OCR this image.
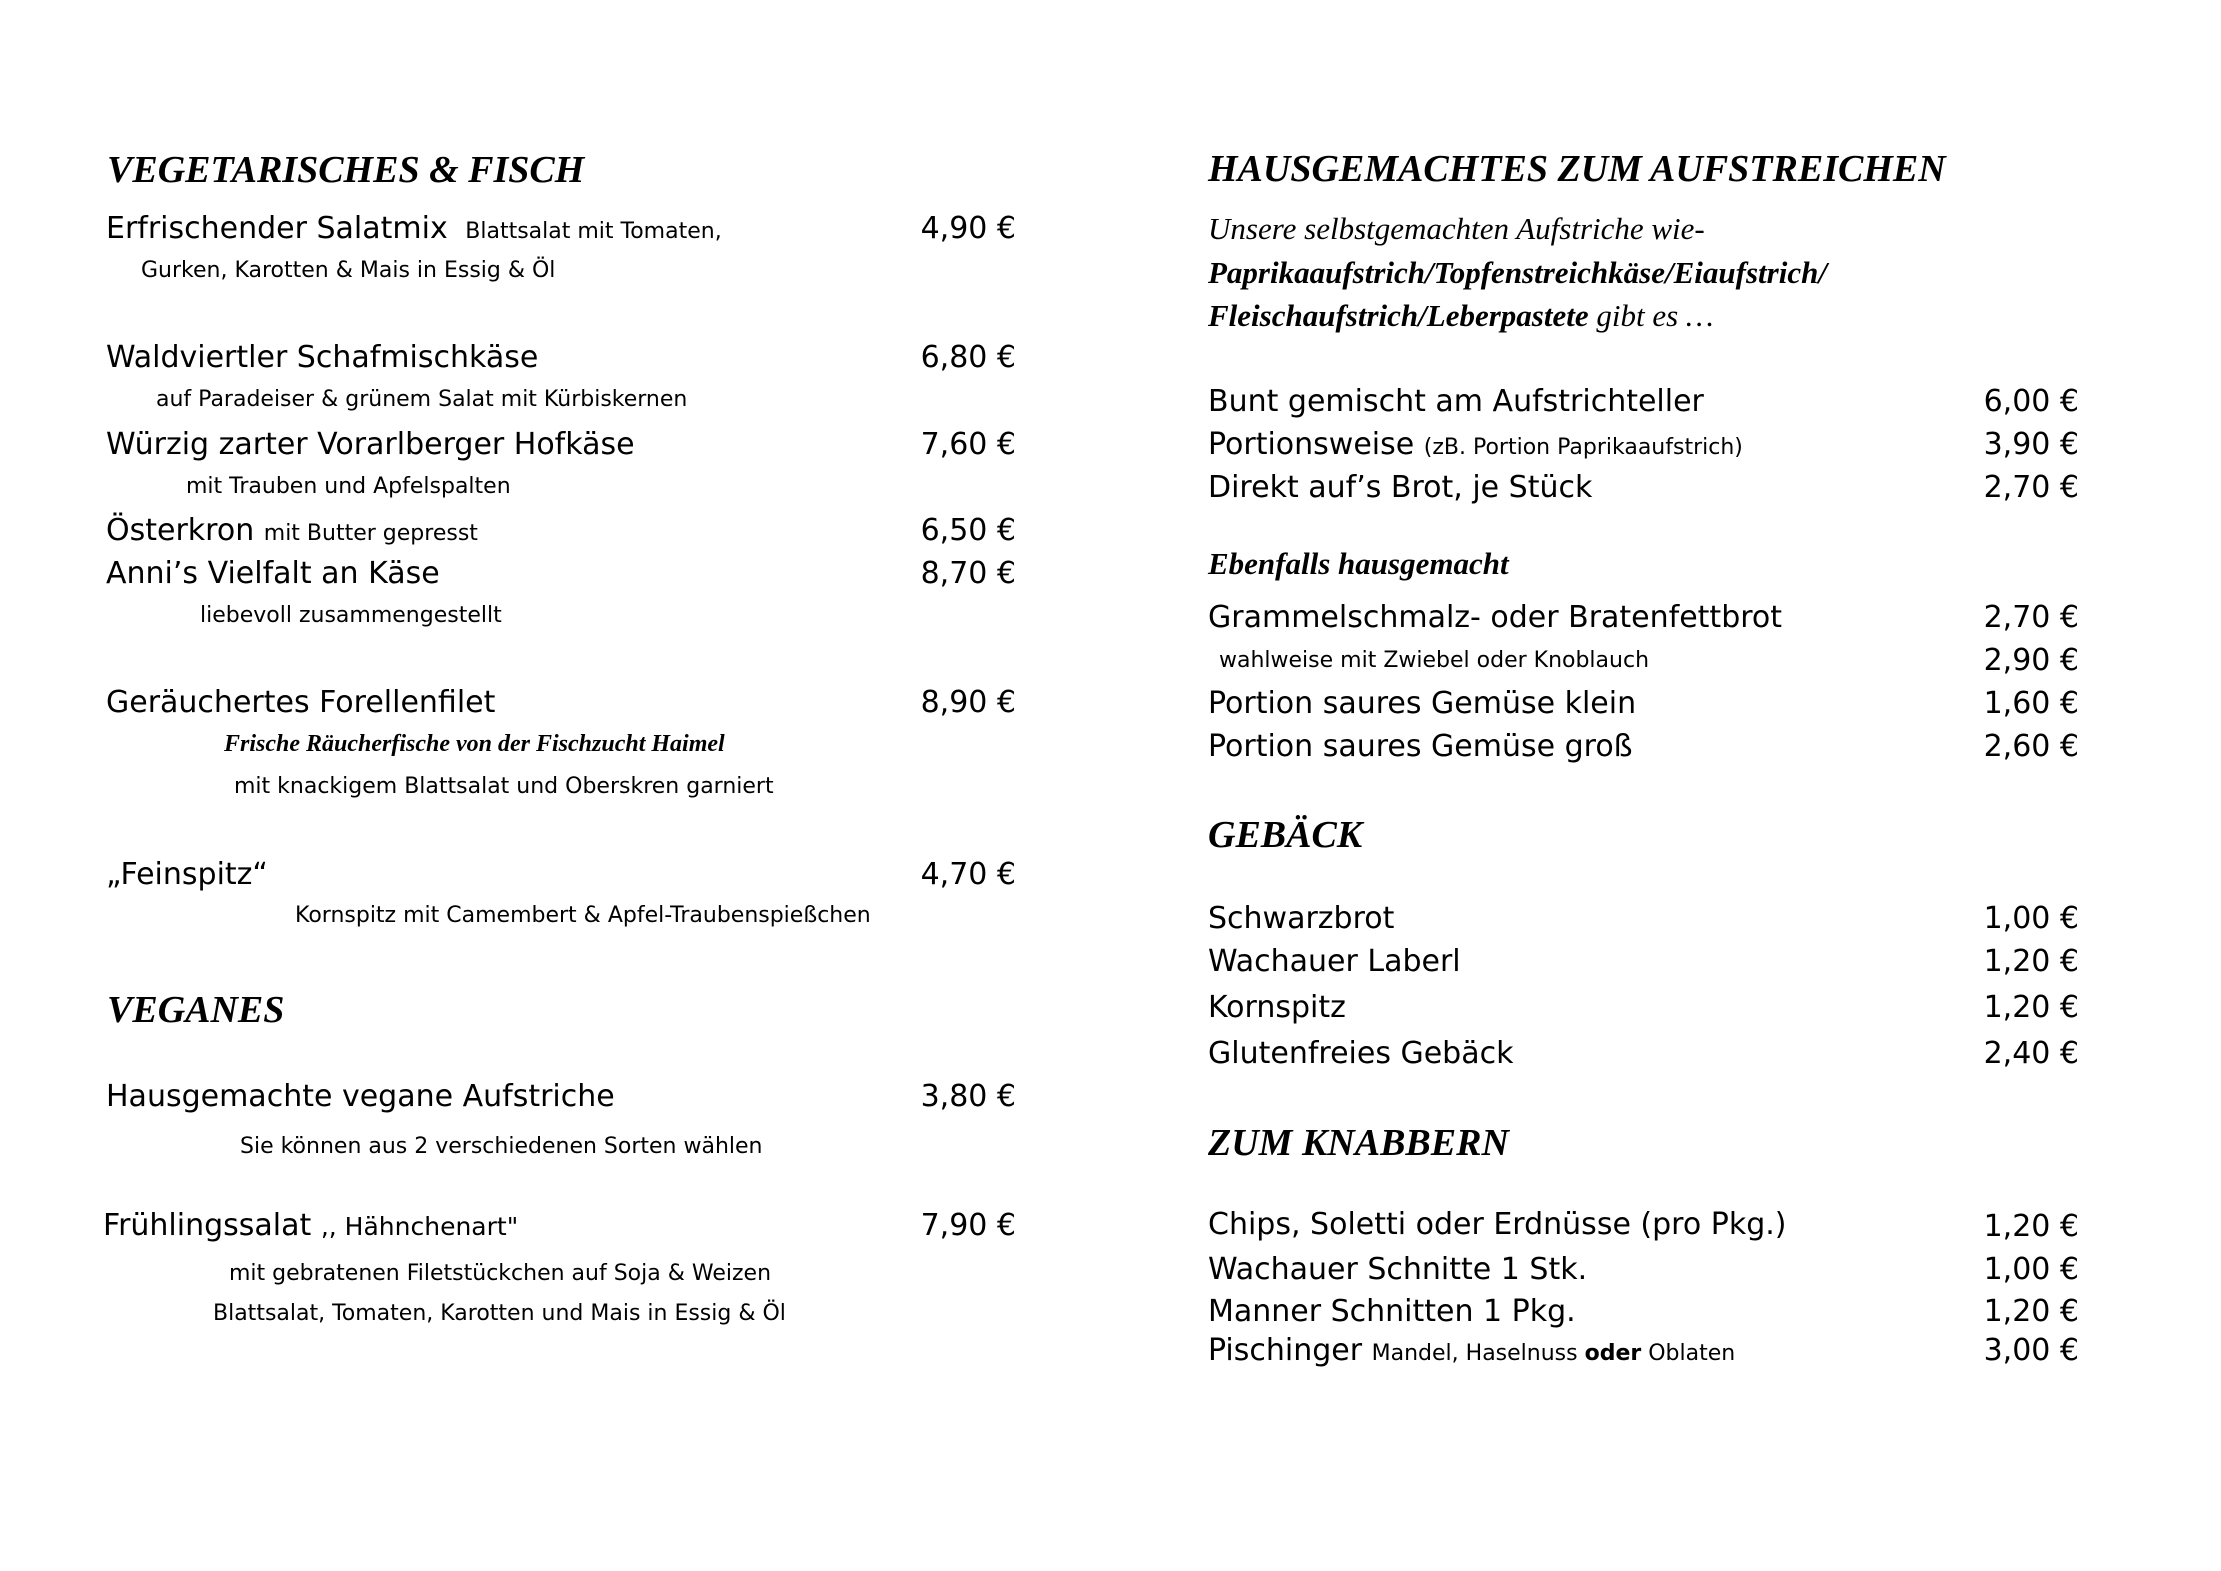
VEGETARISCHES & FISCH
Erfrischender Salatmix Blattsalat mit Tomaten,	4,90 €
Gurken, Karotten & Mais in Essig & Öl
Waldviertler Schafmischkäse	6,80 €
auf Paradeiser & grünem Salat mit Kürbiskernen
Würzig zarter Vorarlberger Hofkäse	7,60 €
mit Trauben und Apfelspalten
Österkron mit Butter gepresst	6,50 €
Anni’s Vielfalt an Käse	8,70 €
liebevoll zusammengestellt
Geräuchertes Forellenfilet	8,90 €
Frische Räucherfische von der Fischzucht Haimel
mit knackigem Blattsalat und Oberskren garniert
„Feinspitz“	4,70 €
Kornspitz mit Camembert & Apfel-Traubenspießchen
VEGANES
Hausgemachte vegane Aufstriche	3,80 €
Sie können aus 2 verschiedenen Sorten wählen
Frühlingssalat ,, Hähnchenart"	7,90 €
mit gebratenen Filetstückchen auf Soja & Weizen
Blattsalat, Tomaten, Karotten und Mais in Essig & Öl
HAUSGEMACHTES ZUM AUFSTREICHEN
Unsere selbstgemachten Aufstriche wie-
Paprikaaufstrich/Topfenstreichkäse/Eiaufstrich/
Fleischaufstrich/Leberpastete gibt es …
Bunt gemischt am Aufstrichteller	6,00 €
Portionsweise (zB. Portion Paprikaaufstrich)	3,90 €
Direkt auf’s Brot, je Stück	2,70 €
Ebenfalls hausgemacht
Grammelschmalz- oder Bratenfettbrot	2,70 €
wahlweise mit Zwiebel oder Knoblauch	2,90 €
Portion saures Gemüse klein	1,60 €
Portion saures Gemüse groß	2,60 €
GEBÄCK
Schwarzbrot	1,00 €
Wachauer Laberl	1,20 €
Kornspitz	1,20 €
Glutenfreies Gebäck	2,40 €
ZUM KNABBERN
Chips, Soletti oder Erdnüsse (pro Pkg.)	1,20 €
Wachauer Schnitte 1 Stk.	1,00 €
Manner Schnitten 1 Pkg.	1,20 €
Pischinger Mandel, Haselnuss oder Oblaten	3,00 €
